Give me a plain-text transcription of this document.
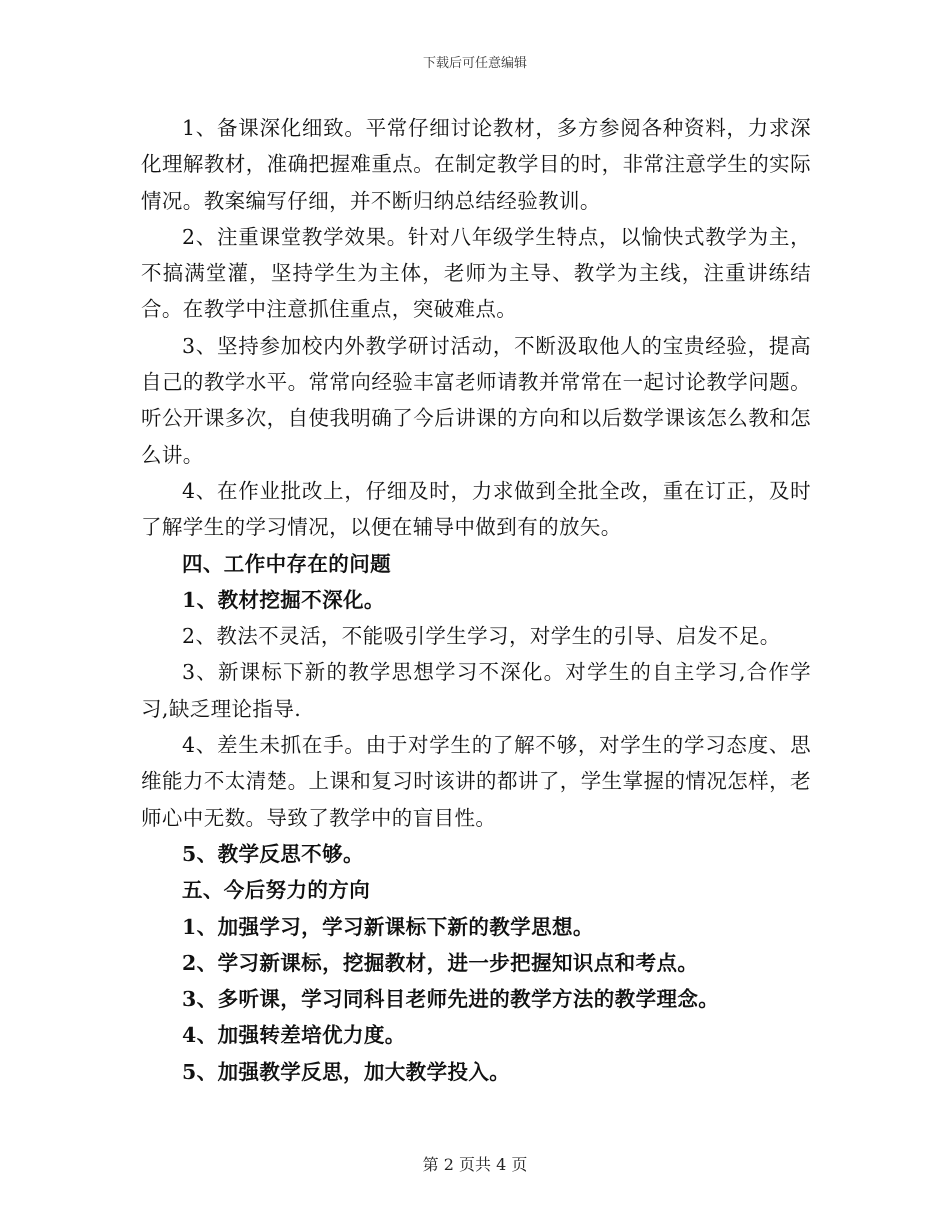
下载后可任意编辑

1、备课深化细致。平常仔细讨论教材，多方参阅各种资料，力求深化理解教材，准确把握难重点。在制定教学目的时，非常注意学生的实际情况。教案编写仔细，并不断归纳总结经验教训。

2、注重课堂教学效果。针对八年级学生特点，以愉快式教学为主，不搞满堂灌，坚持学生为主体，老师为主导、教学为主线，注重讲练结合。在教学中注意抓住重点，突破难点。

3、坚持参加校内外教学研讨活动，不断汲取他人的宝贵经验，提高自己的教学水平。常常向经验丰富老师请教并常常在一起讨论教学问题。听公开课多次，自使我明确了今后讲课的方向和以后数学课该怎么教和怎么讲。

4、在作业批改上，仔细及时，力求做到全批全改，重在订正，及时了解学生的学习情况，以便在辅导中做到有的放矢。

四、工作中存在的问题

1、教材挖掘不深化。

2、教法不灵活，不能吸引学生学习，对学生的引导、启发不足。

3、新课标下新的教学思想学习不深化。对学生的自主学习,合作学习,缺乏理论指导.

4、差生未抓在手。由于对学生的了解不够，对学生的学习态度、思维能力不太清楚。上课和复习时该讲的都讲了，学生掌握的情况怎样，老师心中无数。导致了教学中的盲目性。

5、教学反思不够。

五、今后努力的方向

1、加强学习，学习新课标下新的教学思想。

2、学习新课标，挖掘教材，进一步把握知识点和考点。

3、多听课，学习同科目老师先进的教学方法的教学理念。

4、加强转差培优力度。

5、加强教学反思，加大教学投入。

第 2 页共 4 页
